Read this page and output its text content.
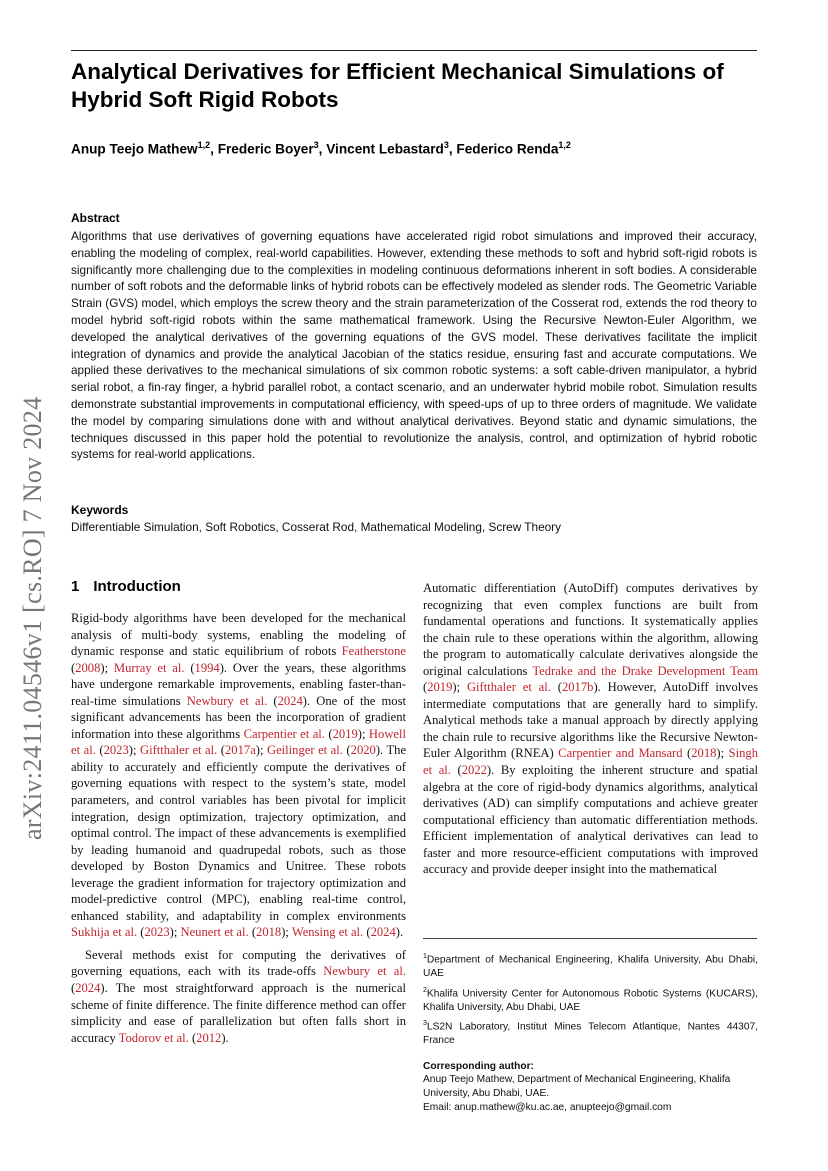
Analytical Derivatives for Efficient Mechanical Simulations of Hybrid Soft Rigid Robots
Anup Teejo Mathew$^{1,2}$, Frederic Boyer$^3$, Vincent Lebastard$^3$, Federico Renda$^{1,2}$
arXiv:2411.04546v1 [cs.RO] 7 Nov 2024
Abstract

Algorithms that use derivatives of governing equations have accelerated rigid robot simulations and improved their accuracy, enabling the modeling of complex, real-world capabilities. However, extending these methods to soft and hybrid soft-rigid robots is significantly more challenging due to the complexities in modeling continuous deformations inherent in soft bodies. A considerable number of soft robots and the deformable links of hybrid robots can be effectively modeled as slender rods. The Geometric Variable Strain (GVS) model, which employs the screw theory and the strain parameterization of the Cosserat rod, extends the rod theory to model hybrid soft-rigid robots within the same mathematical framework. Using the Recursive Newton-Euler Algorithm, we developed the analytical derivatives of the governing equations of the GVS model. These derivatives facilitate the implicit integration of dynamics and provide the analytical Jacobian of the statics residue, ensuring fast and accurate computations. We applied these derivatives to the mechanical simulations of six common robotic systems: a soft cable-driven manipulator, a hybrid serial robot, a fin-ray finger, a hybrid parallel robot, a contact scenario, and an underwater hybrid mobile robot. Simulation results demonstrate substantial improvements in computational efficiency, with speed-ups of up to three orders of magnitude. We validate the model by comparing simulations done with and without analytical derivatives. Beyond static and dynamic simulations, the techniques discussed in this paper hold the potential to revolutionize the analysis, control, and optimization of hybrid robotic systems for real-world applications.

Keywords

Differentiable Simulation, Soft Robotics, Cosserat Rod, Mathematical Modeling, Screw Theory

1 Introduction

Rigid-body algorithms have been developed for the mechanical analysis of multi-body systems, enabling the modeling of dynamic response and static equilibrium of robots Featherstone (2008); Murray et al. (1994). Over the years, these algorithms have undergone remarkable improvements, enabling faster-than-real-time simulations Newbury et al. (2024). One of the most significant advancements has been the incorporation of gradient information into these algorithms Carpentier et al. (2019); Howell et al. (2023); Giftthaler et al. (2017a); Geilinger et al. (2020). The ability to accurately and efficiently compute the derivatives of governing equations with respect to the system’s state, model parameters, and control variables has been pivotal for implicit integration, design optimization, trajectory optimization, and optimal control. The impact of these advancements is exemplified by leading humanoid and quadrupedal robots, such as those developed by Boston Dynamics and Unitree. These robots leverage the gradient information for trajectory optimization and model-predictive control (MPC), enabling real-time control, enhanced stability, and adaptability in complex environments Sukhija et al. (2023); Neunert et al. (2018); Wensing et al. (2024).

Several methods exist for computing the derivatives of governing equations, each with its trade-offs Newbury et al. (2024). The most straightforward approach is the numerical scheme of finite difference. The finite difference method can offer simplicity and ease of parallelization but often falls short in accuracy Todorov et al. (2012).

Automatic differentiation (AutoDiff) computes derivatives by recognizing that even complex functions are built from fundamental operations and functions. It systematically applies the chain rule to these operations within the algorithm, allowing the program to automatically calculate derivatives alongside the original calculations Tedrake and the Drake Development Team (2019); Giftthaler et al. (2017b). However, AutoDiff involves intermediate computations that are generally hard to simplify. Analytical methods take a manual approach by directly applying the chain rule to recursive algorithms like the Recursive Newton-Euler Algorithm (RNEA) Carpentier and Mansard (2018); Singh et al. (2022). By exploiting the inherent structure and spatial algebra at the core of rigid-body dynamics algorithms, analytical derivatives (AD) can simplify computations and achieve greater computational efficiency than automatic differentiation methods. Efficient implementation of analytical derivatives can lead to faster and more resource-efficient computations with improved accuracy and provide deeper insight into the mathematical

$^1$Department of Mechanical Engineering, Khalifa University, Abu Dhabi, UAE

$^2$Khalifa University Center for Autonomous Robotic Systems (KUCARS), Khalifa University, Abu Dhabi, UAE

$^3$LS2N Laboratory, Institut Mines Telecom Atlantique, Nantes 44307, France

Corresponding author:
Anup Teejo Mathew, Department of Mechanical Engineering, Khalifa University, Abu Dhabi, UAE.
Email: anup.mathew@ku.ac.ae, anupteejo@gmail.com
